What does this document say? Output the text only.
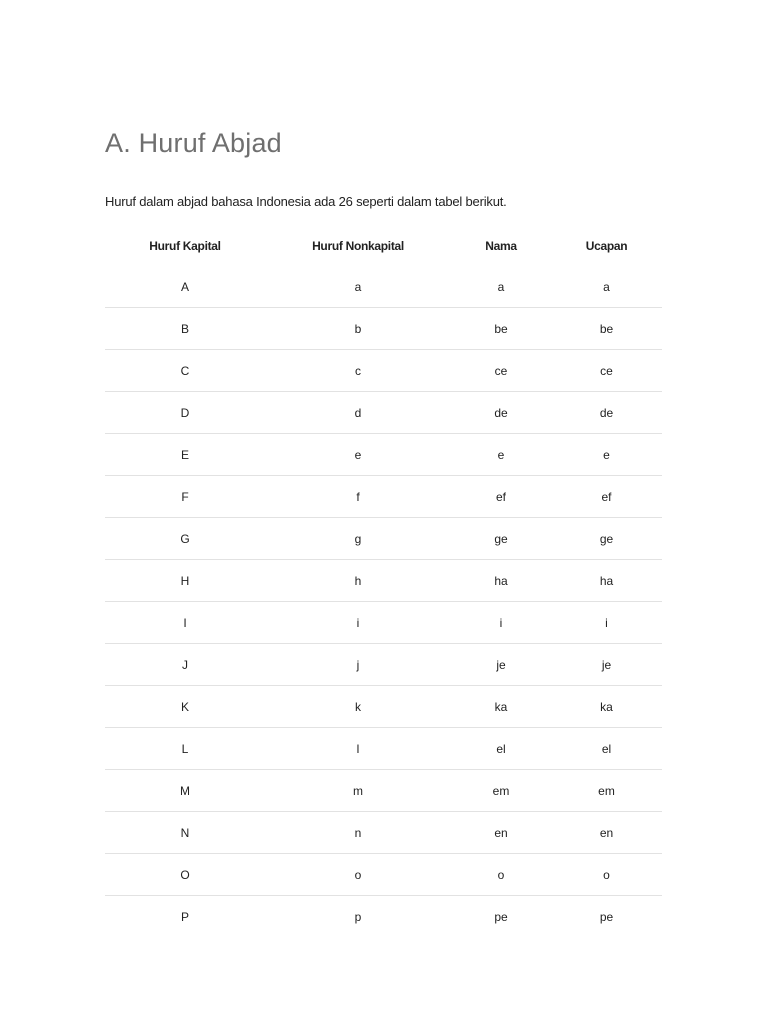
A. Huruf Abjad

Huruf dalam abjad bahasa Indonesia ada 26 seperti dalam tabel berikut.

Huruf Kapital	Huruf Nonkapital	Nama	Ucapan
A	a	a	a
B	b	be	be
C	c	ce	ce
D	d	de	de
E	e	e	e
F	f	ef	ef
G	g	ge	ge
H	h	ha	ha
I	i	i	i
J	j	je	je
K	k	ka	ka
L	l	el	el
M	m	em	em
N	n	en	en
O	o	o	o
P	p	pe	pe
